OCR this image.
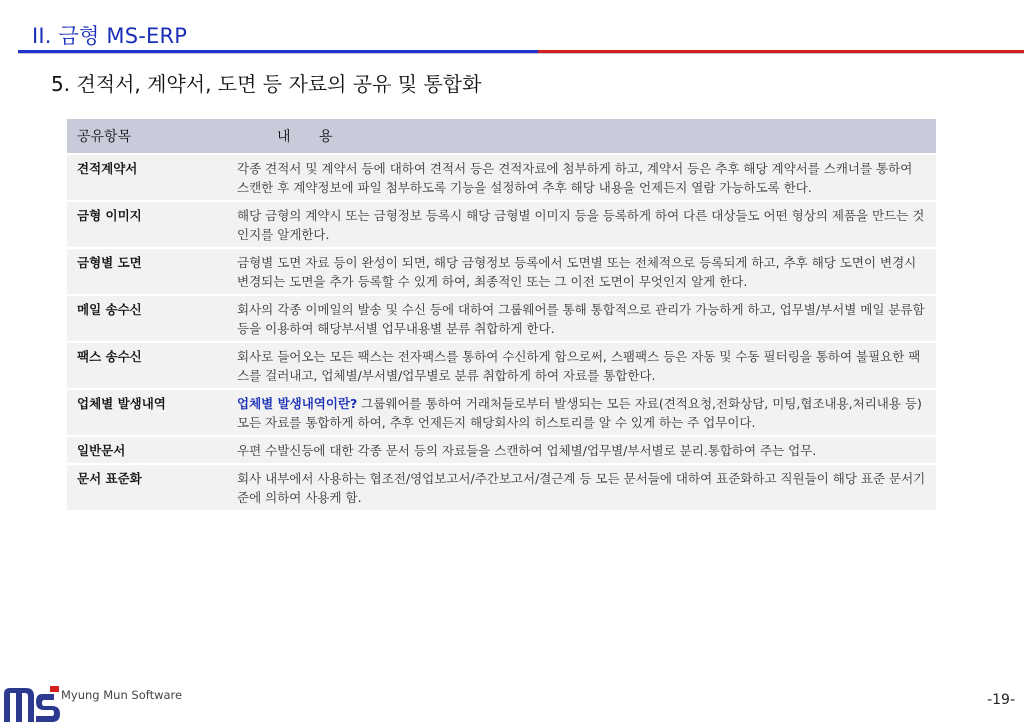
II. 금형 MS-ERP
5. 견적서, 계약서, 도면 등 자료의 공유 및 통합화
공유항목	내 용
견적계약서	각종 견적서 및 계약서 등에 대하여 견적서 등은 견적자료에 첨부하게 하고, 계약서 등은 추후 해당 계약서를 스캐너를 통하여 스캔한 후 계약정보에 파일 첨부하도록 기능을 설정하여 추후 해당 내용을 언제든지 열람 가능하도록 한다.
금형 이미지	해당 금형의 계약시 또는 금형정보 등록시 해당 금형별 이미지 등을 등록하게 하여 다른 대상들도 어떤 형상의 제품을 만드는 것인지를 알게한다.
금형별 도면	금형별 도면 자료 등이 완성이 되면, 해당 금형정보 등록에서 도면별 또는 전체적으로 등록되게 하고, 추후 해당 도면이 변경시 변경되는 도면을 추가 등록할 수 있게 하여, 최종적인 또는 그 이전 도면이 무엇인지 알게 한다.
메일 송수신	회사의 각종 이메일의 발송 및 수신 등에 대하여 그룹웨어를 통해 통합적으로 관리가 가능하게 하고, 업무별/부서별 메일 분류함 등을 이용하여 해당부서별 업무내용별 분류 취합하게 한다.
팩스 송수신	회사로 들어오는 모든 팩스는 전자팩스를 통하여 수신하게 함으로써, 스팸팩스 등은 자동 및 수동 필터링을 통하여 불필요한 팩스를 걸러내고, 업체별/부서별/업무별로 분류 취합하게 하여 자료를 통합한다.
업체별 발생내역	업체별 발생내역이란? 그룹웨어를 통하여 거래처들로부터 발생되는 모든 자료(견적요청,전화상담, 미팅,협조내용,처리내용 등) 모든 자료를 통합하게 하여, 추후 언제든지 해당회사의 히스토리를 알 수 있게 하는 주 업무이다.
일반문서	우편 수발신등에 대한 각종 문서 등의 자료들을 스캔하여 업체별/업무별/부서별로 분리.통합하여 주는 업무.
문서 표준화	회사 내부에서 사용하는 협조전/영업보고서/주간보고서/결근계 등 모든 문서들에 대하여 표준화하고 직원들이 해당 표준 문서기준에 의하여 사용케 함.
Myung Mun Software	-19-
